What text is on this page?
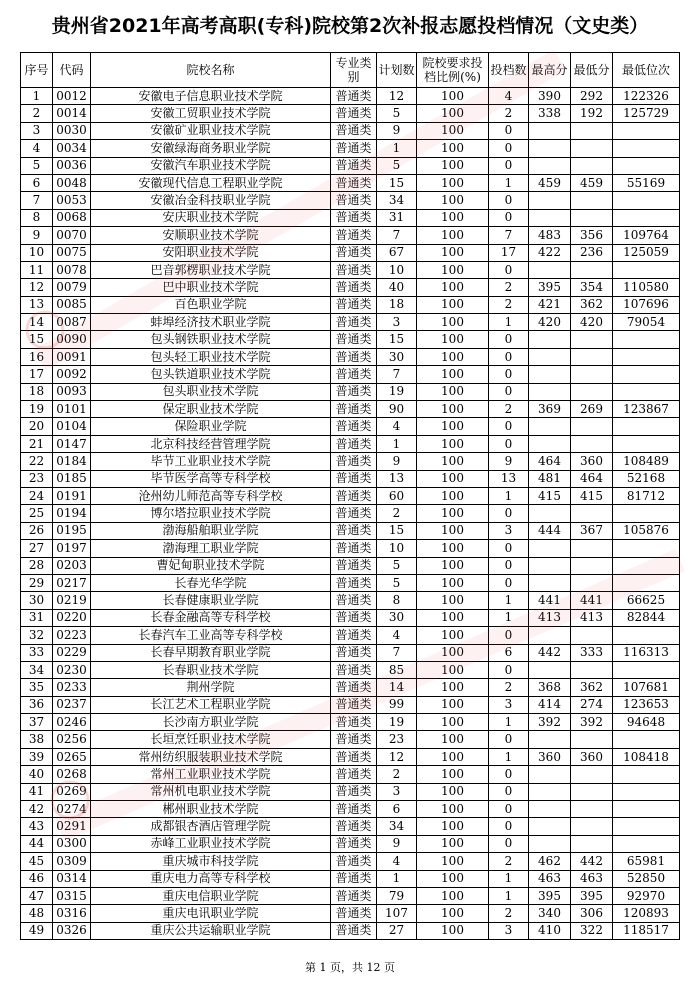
贵州省2021年高考高职(专科)院校第2次补报志愿投档情况（文史类）
序号	代码	院校名称	专业类别	计划数	院校要求投档比例(%)	投档数	最高分	最低分	最低位次
1	0012	安徽电子信息职业技术学院	普通类	12	100	4	390	292	122326
2	0014	安徽工贸职业技术学院	普通类	5	100	2	338	192	125729
3	0030	安徽矿业职业技术学院	普通类	9	100	0			
4	0034	安徽绿海商务职业学院	普通类	1	100	0			
5	0036	安徽汽车职业技术学院	普通类	5	100	0			
6	0048	安徽现代信息工程职业学院	普通类	15	100	1	459	459	55169
7	0053	安徽冶金科技职业学院	普通类	34	100	0			
8	0068	安庆职业技术学院	普通类	31	100	0			
9	0070	安顺职业技术学院	普通类	7	100	7	483	356	109764
10	0075	安阳职业技术学院	普通类	67	100	17	422	236	125059
11	0078	巴音郭楞职业技术学院	普通类	10	100	0			
12	0079	巴中职业技术学院	普通类	40	100	2	395	354	110580
13	0085	百色职业学院	普通类	18	100	2	421	362	107696
14	0087	蚌埠经济技术职业学院	普通类	3	100	1	420	420	79054
15	0090	包头钢铁职业技术学院	普通类	15	100	0			
16	0091	包头轻工职业技术学院	普通类	30	100	0			
17	0092	包头铁道职业技术学院	普通类	7	100	0			
18	0093	包头职业技术学院	普通类	19	100	0			
19	0101	保定职业技术学院	普通类	90	100	2	369	269	123867
20	0104	保险职业学院	普通类	4	100	0			
21	0147	北京科技经营管理学院	普通类	1	100	0			
22	0184	毕节工业职业技术学院	普通类	9	100	9	464	360	108489
23	0185	毕节医学高等专科学校	普通类	13	100	13	481	464	52168
24	0191	沧州幼儿师范高等专科学校	普通类	60	100	1	415	415	81712
25	0194	博尔塔拉职业技术学院	普通类	2	100	0			
26	0195	渤海船舶职业学院	普通类	15	100	3	444	367	105876
27	0197	渤海理工职业学院	普通类	10	100	0			
28	0203	曹妃甸职业技术学院	普通类	5	100	0			
29	0217	长春光华学院	普通类	5	100	0			
30	0219	长春健康职业学院	普通类	8	100	1	441	441	66625
31	0220	长春金融高等专科学校	普通类	30	100	1	413	413	82844
32	0223	长春汽车工业高等专科学校	普通类	4	100	0			
33	0229	长春早期教育职业学院	普通类	7	100	6	442	333	116313
34	0230	长春职业技术学院	普通类	85	100	0			
35	0233	荆州学院	普通类	14	100	2	368	362	107681
36	0237	长江艺术工程职业学院	普通类	99	100	3	414	274	123653
37	0246	长沙南方职业学院	普通类	19	100	1	392	392	94648
38	0256	长垣烹饪职业技术学院	普通类	23	100	0			
39	0265	常州纺织服装职业技术学院	普通类	12	100	1	360	360	108418
40	0268	常州工业职业技术学院	普通类	2	100	0			
41	0269	常州机电职业技术学院	普通类	3	100	0			
42	0274	郴州职业技术学院	普通类	6	100	0			
43	0291	成都银杏酒店管理学院	普通类	34	100	0			
44	0300	赤峰工业职业技术学院	普通类	9	100	0			
45	0309	重庆城市科技学院	普通类	4	100	2	462	442	65981
46	0314	重庆电力高等专科学校	普通类	1	100	1	463	463	52850
47	0315	重庆电信职业学院	普通类	79	100	1	395	395	92970
48	0316	重庆电讯职业学院	普通类	107	100	2	340	306	120893
49	0326	重庆公共运输职业学院	普通类	27	100	3	410	322	118517
第 1 页，共 12 页
